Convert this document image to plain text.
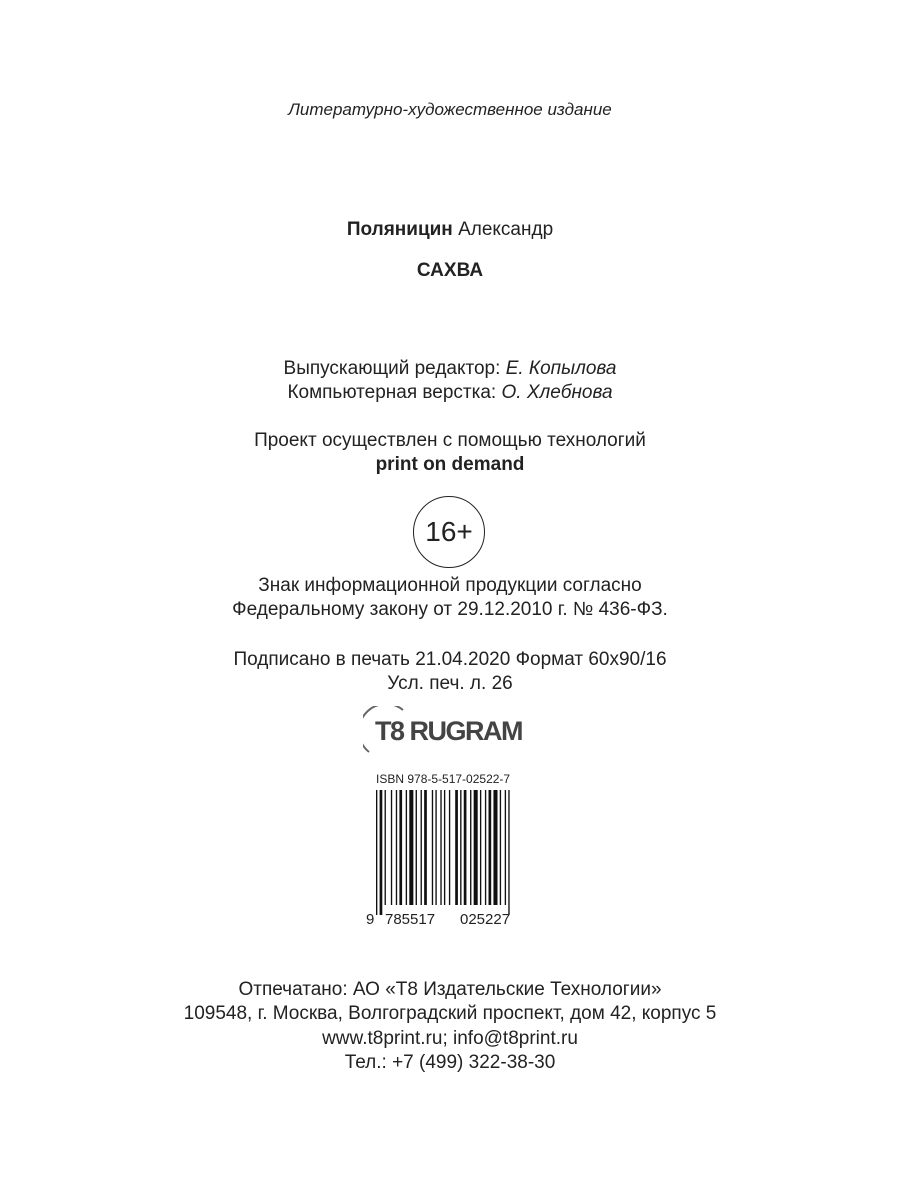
Литературно-художественное издание
Поляницин Александр
САХВА
Выпускающий редактор: Е. Копылова
Компьютерная верстка: О. Хлебнова
Проект осуществлен с помощью технологий
print on demand
16+
Знак информационной продукции согласно
Федеральному закону от 29.12.2010 г. № 436-ФЗ.
Подписано в печать 21.04.2020 Формат 60x90/16
Усл. печ. л. 26
T8 RUGRAM
ISBN 978-5-517-02522-7
9 785517 025227
Отпечатано: АО «Т8 Издательские Технологии»
109548, г. Москва, Волгоградский проспект, дом 42, корпус 5
www.t8print.ru; info@t8print.ru
Тел.: +7 (499) 322-38-30
